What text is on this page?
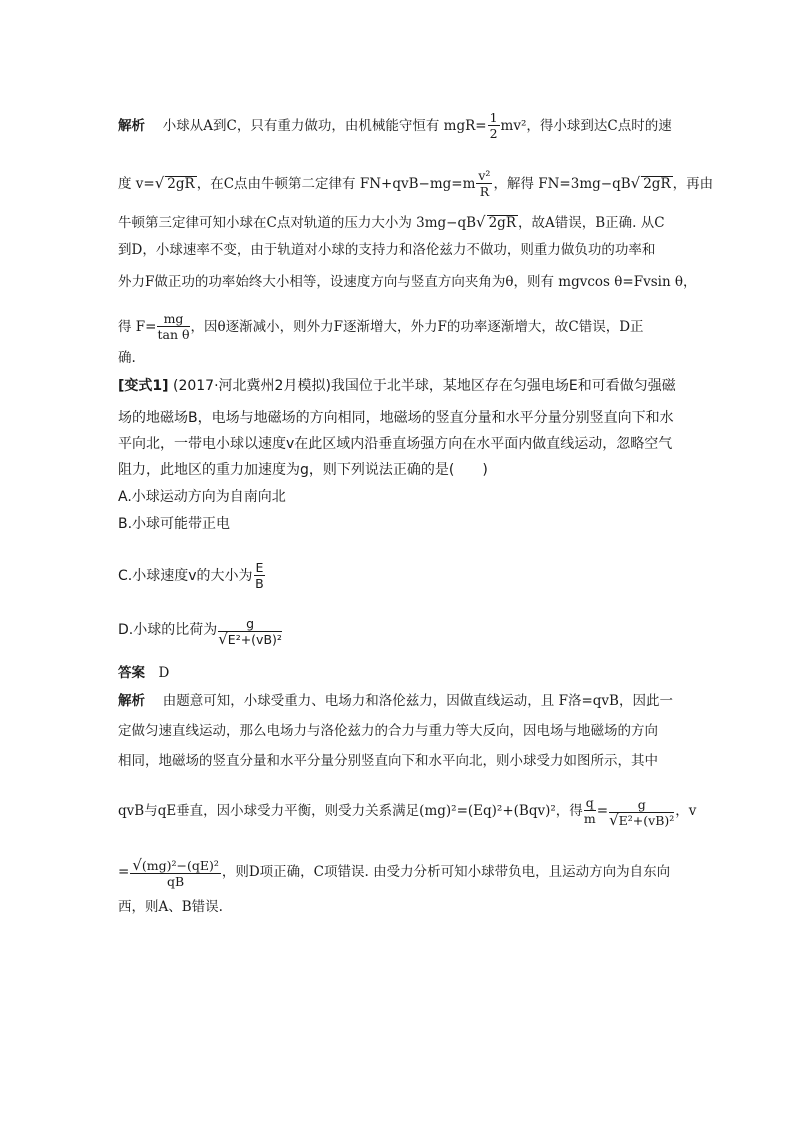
解析　 小球从A到C，只有重力做功，由机械能守恒有 $mgR= \frac{1}{2} mv^2$，得小球到达C点时的速
度 v=√ 2gR ，在C点由牛顿第二定律有 $FN+qvB-mg=m \frac{\text{v²}}{R}$ ，解得 FN=3mg−qB√ 2gR ，再由
牛顿第三定律可知小球在C点对轨道的压力大小为 3mg−qB√ 2gR ，故A错误，B正确. 从C
到D，小球速率不变，由于轨道对小球的支持力和洛伦兹力不做功，则重力做负功的功率和
外力F做正功的功率始终大小相等，设速度方向与竖直方向夹角为θ，则有 mgvcos θ=Fvsin θ，
得 $F= \frac{mg}{\text{tan θ}}$ ，因θ逐渐减小，则外力F逐渐增大，外力F的功率逐渐增大，故C错误，D正
确.
[变式1] (2017·河北冀州2月模拟)我国位于北半球，某地区存在匀强电场E和可看做匀强磁
场的地磁场B，电场与地磁场的方向相同，地磁场的竖直分量和水平分量分别竖直向下和水
平向北，一带电小球以速度v在此区域内沿垂直场强方向在水平面内做直线运动，忽略空气
阻力，此地区的重力加速度为g，则下列说法正确的是(　　)
A.小球运动方向为自南向北
B.小球可能带正电
C.小球速度v的大小为 $\frac{E}{B}$
D.小球的比荷为 $\frac{g}{\text{√E²+(vB)²}}$
答案　 D
解析　 由题意可知，小球受重力、电场力和洛伦兹力，因做直线运动，且 F洛=qvB，因此一
定做匀速直线运动，那么电场力与洛伦兹力的合力与重力等大反向，因电场与地磁场的方向
相同，地磁场的竖直分量和水平分量分别竖直向下和水平向北，则小球受力如图所示，其中
qvB与qE垂直，因小球受力平衡，则受力关系满足(mg)²=(Eq)²+(Bqv)²，得 $\frac{q}{m} = \frac{g}{\text{√E²+(vB)²}}$ ，v
= $\frac{\text{√(mg)²−(qE)²}}{qB}$ ，则D项正确，C项错误. 由受力分析可知小球带负电，且运动方向为自东向
西，则A、B错误.
